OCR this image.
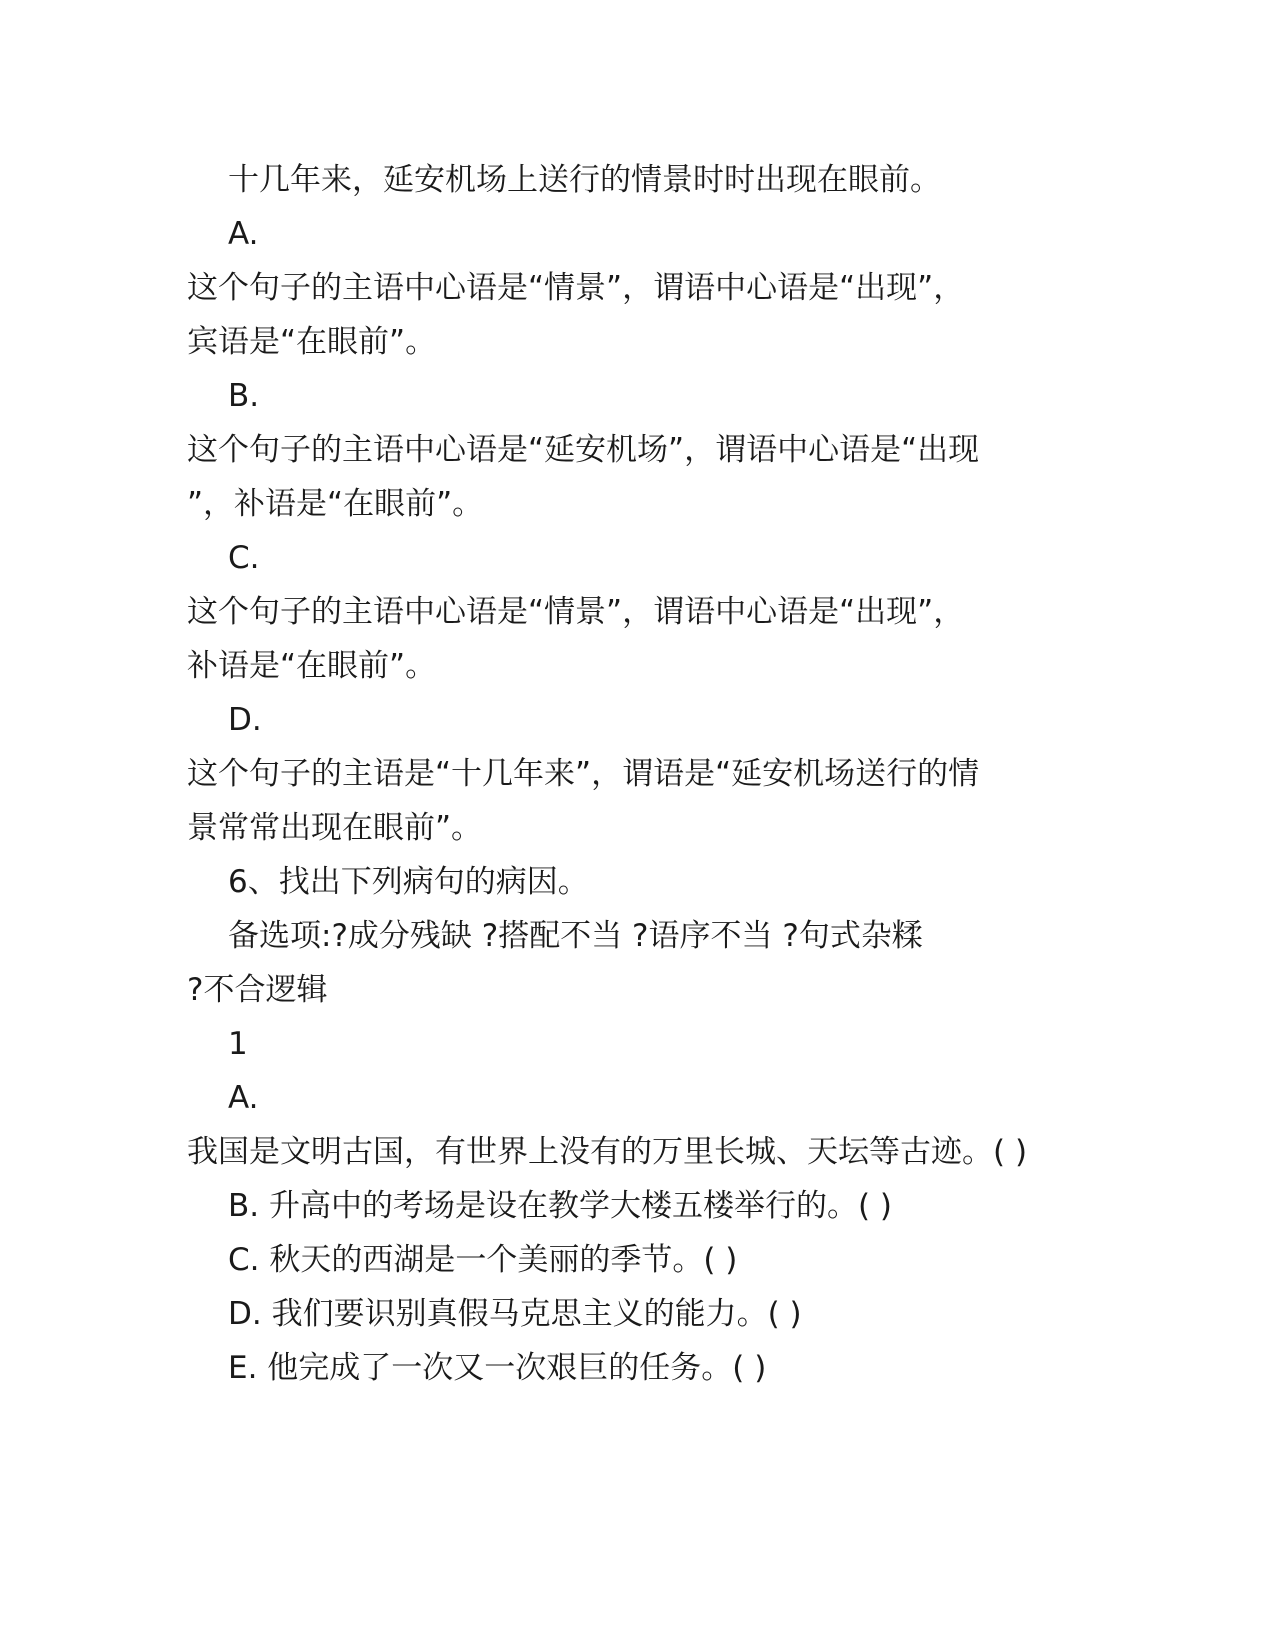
十几年来，延安机场上送行的情景时时出现在眼前。
A.
这个句子的主语中心语是“情景”，谓语中心语是“出现”，
宾语是“在眼前”。
B.
这个句子的主语中心语是“延安机场”，谓语中心语是“出现
”，补语是“在眼前”。
C.
这个句子的主语中心语是“情景”，谓语中心语是“出现”，
补语是“在眼前”。
D.
这个句子的主语是“十几年来”，谓语是“延安机场送行的情
景常常出现在眼前”。
6、找出下列病句的病因。
备选项:?成分残缺 ?搭配不当 ?语序不当 ?句式杂糅
?不合逻辑
1
A.
我国是文明古国，有世界上没有的万里长城、天坛等古迹。( )
B. 升高中的考场是设在教学大楼五楼举行的。( )
C. 秋天的西湖是一个美丽的季节。( )
D. 我们要识别真假马克思主义的能力。( )
E. 他完成了一次又一次艰巨的任务。( )
